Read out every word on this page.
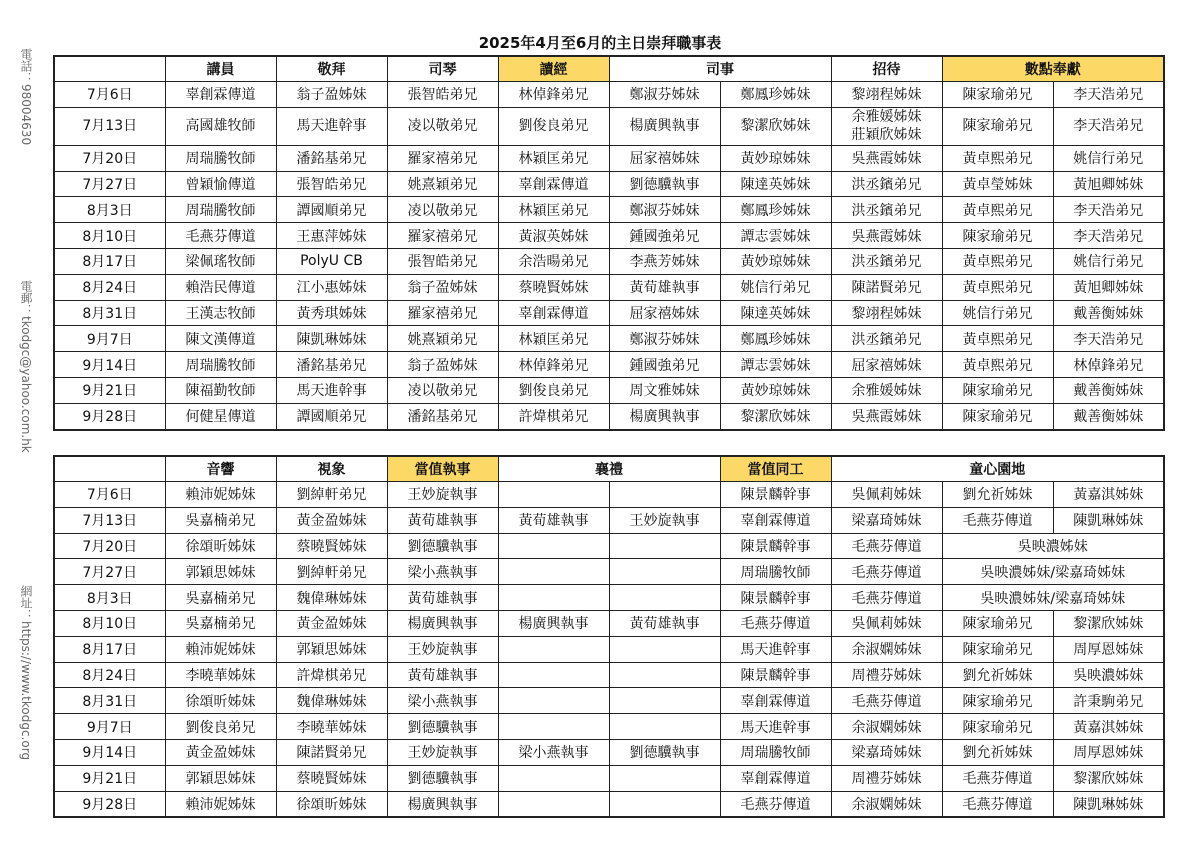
2025年4月至6月的主日崇拜職事表
電話：98004630
電郵：tkodgc@yahoo.com.hk
網址：https://www.tkodgc.org
	講員	敬拜	司琴	讀經	司事		招待	數點奉獻	
7月6日	辜創霖傳道	翁子盈姊妹	張智皓弟兄	林倬鋒弟兄	鄭淑芬姊妹	鄭鳳珍姊妹	黎翊程姊妹	陳家瑜弟兄	李天浩弟兄
7月13日	高國雄牧師	馬天進幹事	凌以敬弟兄	劉俊良弟兄	楊廣興執事	黎潔欣姊妹	余雅媛姊妹
莊穎欣姊妹	陳家瑜弟兄	李天浩弟兄
7月20日	周瑞騰牧師	潘銘基弟兄	羅家禧弟兄	林穎匡弟兄	屈家禧姊妹	黃妙琼姊妹	吳燕霞姊妹	黃卓熙弟兄	姚信行弟兄
7月27日	曾穎愉傳道	張智皓弟兄	姚熹穎弟兄	辜創霖傳道	劉德驥執事	陳達英姊妹	洪丞鑌弟兄	黃卓瑩姊妹	黃旭卿姊妹
8月3日	周瑞騰牧師	譚國順弟兄	凌以敬弟兄	林穎匡弟兄	鄭淑芬姊妹	鄭鳳珍姊妹	洪丞鑌弟兄	黃卓熙弟兄	李天浩弟兄
8月10日	毛燕芬傳道	王惠萍姊妹	羅家禧弟兄	黃淑英姊妹	鍾國強弟兄	譚志雲姊妹	吳燕霞姊妹	陳家瑜弟兄	李天浩弟兄
8月17日	梁佩瑤牧師	PolyU CB	張智皓弟兄	余浩暘弟兄	李燕芳姊妹	黃妙琼姊妹	洪丞鑌弟兄	黃卓熙弟兄	姚信行弟兄
8月24日	賴浩民傳道	江小惠姊妹	翁子盈姊妹	蔡曉賢姊妹	黃荀雄執事	姚信行弟兄	陳諾賢弟兄	黃卓熙弟兄	黃旭卿姊妹
8月31日	王漢志牧師	黃秀琪姊妹	羅家禧弟兄	辜創霖傳道	屈家禧姊妹	陳達英姊妹	黎翊程姊妹	姚信行弟兄	戴善衡姊妹
9月7日	陳文漢傳道	陳凱琳姊妹	姚熹穎弟兄	林穎匡弟兄	鄭淑芬姊妹	鄭鳳珍姊妹	洪丞鑌弟兄	黃卓熙弟兄	李天浩弟兄
9月14日	周瑞騰牧師	潘銘基弟兄	翁子盈姊妹	林倬鋒弟兄	鍾國強弟兄	譚志雲姊妹	屈家禧姊妹	黃卓熙弟兄	林倬鋒弟兄
9月21日	陳福勤牧師	馬天進幹事	凌以敬弟兄	劉俊良弟兄	周文雅姊妹	黃妙琼姊妹	余雅媛姊妹	陳家瑜弟兄	戴善衡姊妹
9月28日	何健星傳道	譚國順弟兄	潘銘基弟兄	許煒棋弟兄	楊廣興執事	黎潔欣姊妹	吳燕霞姊妹	陳家瑜弟兄	戴善衡姊妹
	音響	視象	當值執事	襄禮		當值同工	童心園地		
7月6日	賴沛妮姊妹	劉綽軒弟兄	王妙旋執事			陳景麟幹事	吳佩莉姊妹	劉允祈姊妹	黃嘉淇姊妹
7月13日	吳嘉楠弟兄	黃金盈姊妹	黃荀雄執事	黃荀雄執事	王妙旋執事	辜創霖傳道	梁嘉琦姊妹	毛燕芬傳道	陳凱琳姊妹
7月20日	徐頌昕姊妹	蔡曉賢姊妹	劉德驥執事			陳景麟幹事	毛燕芬傳道	吳映濃姊妹	
7月27日	郭穎思姊妹	劉綽軒弟兄	梁小燕執事			周瑞騰牧師	毛燕芬傳道	吳映濃姊妹/梁嘉琦姊妹	
8月3日	吳嘉楠弟兄	魏偉琳姊妹	黃荀雄執事			陳景麟幹事	毛燕芬傳道	吳映濃姊妹/梁嘉琦姊妹	
8月10日	吳嘉楠弟兄	黃金盈姊妹	楊廣興執事	楊廣興執事	黃荀雄執事	毛燕芬傳道	吳佩莉姊妹	陳家瑜弟兄	黎潔欣姊妹
8月17日	賴沛妮姊妹	郭穎思姊妹	王妙旋執事			馬天進幹事	余淑嫻姊妹	陳家瑜弟兄	周厚恩姊妹
8月24日	李曉華姊妹	許煒棋弟兄	黃荀雄執事			陳景麟幹事	周禮芬姊妹	劉允祈姊妹	吳映濃姊妹
8月31日	徐頌昕姊妹	魏偉琳姊妹	梁小燕執事			辜創霖傳道	毛燕芬傳道	陳家瑜弟兄	許秉駒弟兄
9月7日	劉俊良弟兄	李曉華姊妹	劉德驥執事			馬天進幹事	余淑嫻姊妹	陳家瑜弟兄	黃嘉淇姊妹
9月14日	黃金盈姊妹	陳諾賢弟兄	王妙旋執事	梁小燕執事	劉德驥執事	周瑞騰牧師	梁嘉琦姊妹	劉允祈姊妹	周厚恩姊妹
9月21日	郭穎思姊妹	蔡曉賢姊妹	劉德驥執事			辜創霖傳道	周禮芬姊妹	毛燕芬傳道	黎潔欣姊妹
9月28日	賴沛妮姊妹	徐頌昕姊妹	楊廣興執事			毛燕芬傳道	余淑嫻姊妹	毛燕芬傳道	陳凱琳姊妹
